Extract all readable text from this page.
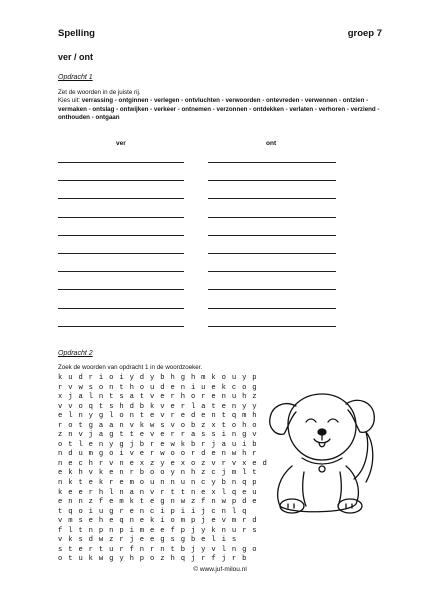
Spelling	groep 7
ver / ont
Opdracht 1
Zet de woorden in de juiste rij.
Kies uit: verrassing - ontginnen - verlegen - ontvluchten - verwoorden - ontevreden - verwennen - ontzien - vermaken - ontslag - ontwijken - verkeer - ontnemen - verzonnen - ontdekken - verlaten - verhoren - verziend - onthouden - ontgaan
ver	ont
Opdracht 2
Zoek de woorden van opdracht 1 in de woordzoeker.
k u d r i o i y d y b h g h m k o u y p
r v w s o n t h o u d e n i u e k c o g
x j a l n t s a t v e r h o r e n u h z
v v o q t s h d b k v e r l a t e n y y
e l n y g l o n t e v r e d e n t q m h
r o t g a a n v k w s v o b z x t o h o
z n v j a g t t e v e r r a s s i n g v
o t l e n y g j b r e w k b r j a u i b
n d u m g o i v e r w o o r d e n w h r
n e c h r v n e x z y e x o z v r v x e d
e k h v k e n r b o o y n h z c j m l t
n k t e k r e m o u n n u n c y b n q p
k e e r h l n a n v r t t n e x l q e u
e n n z f e m k t e g n w z f n w p d e
t q o i u g r e n c i p i i j c n l q
v m s e h e q n e k i o m p j e v m r d
f l t n p n p i m e e f p j y k n u r s
v k s d w z r j e e g s g b e l i s
s t e r t u r f n r n t b j y v l n g o
o t u k w g y h p o z h q j r f j r b
© www.juf-milou.nl
